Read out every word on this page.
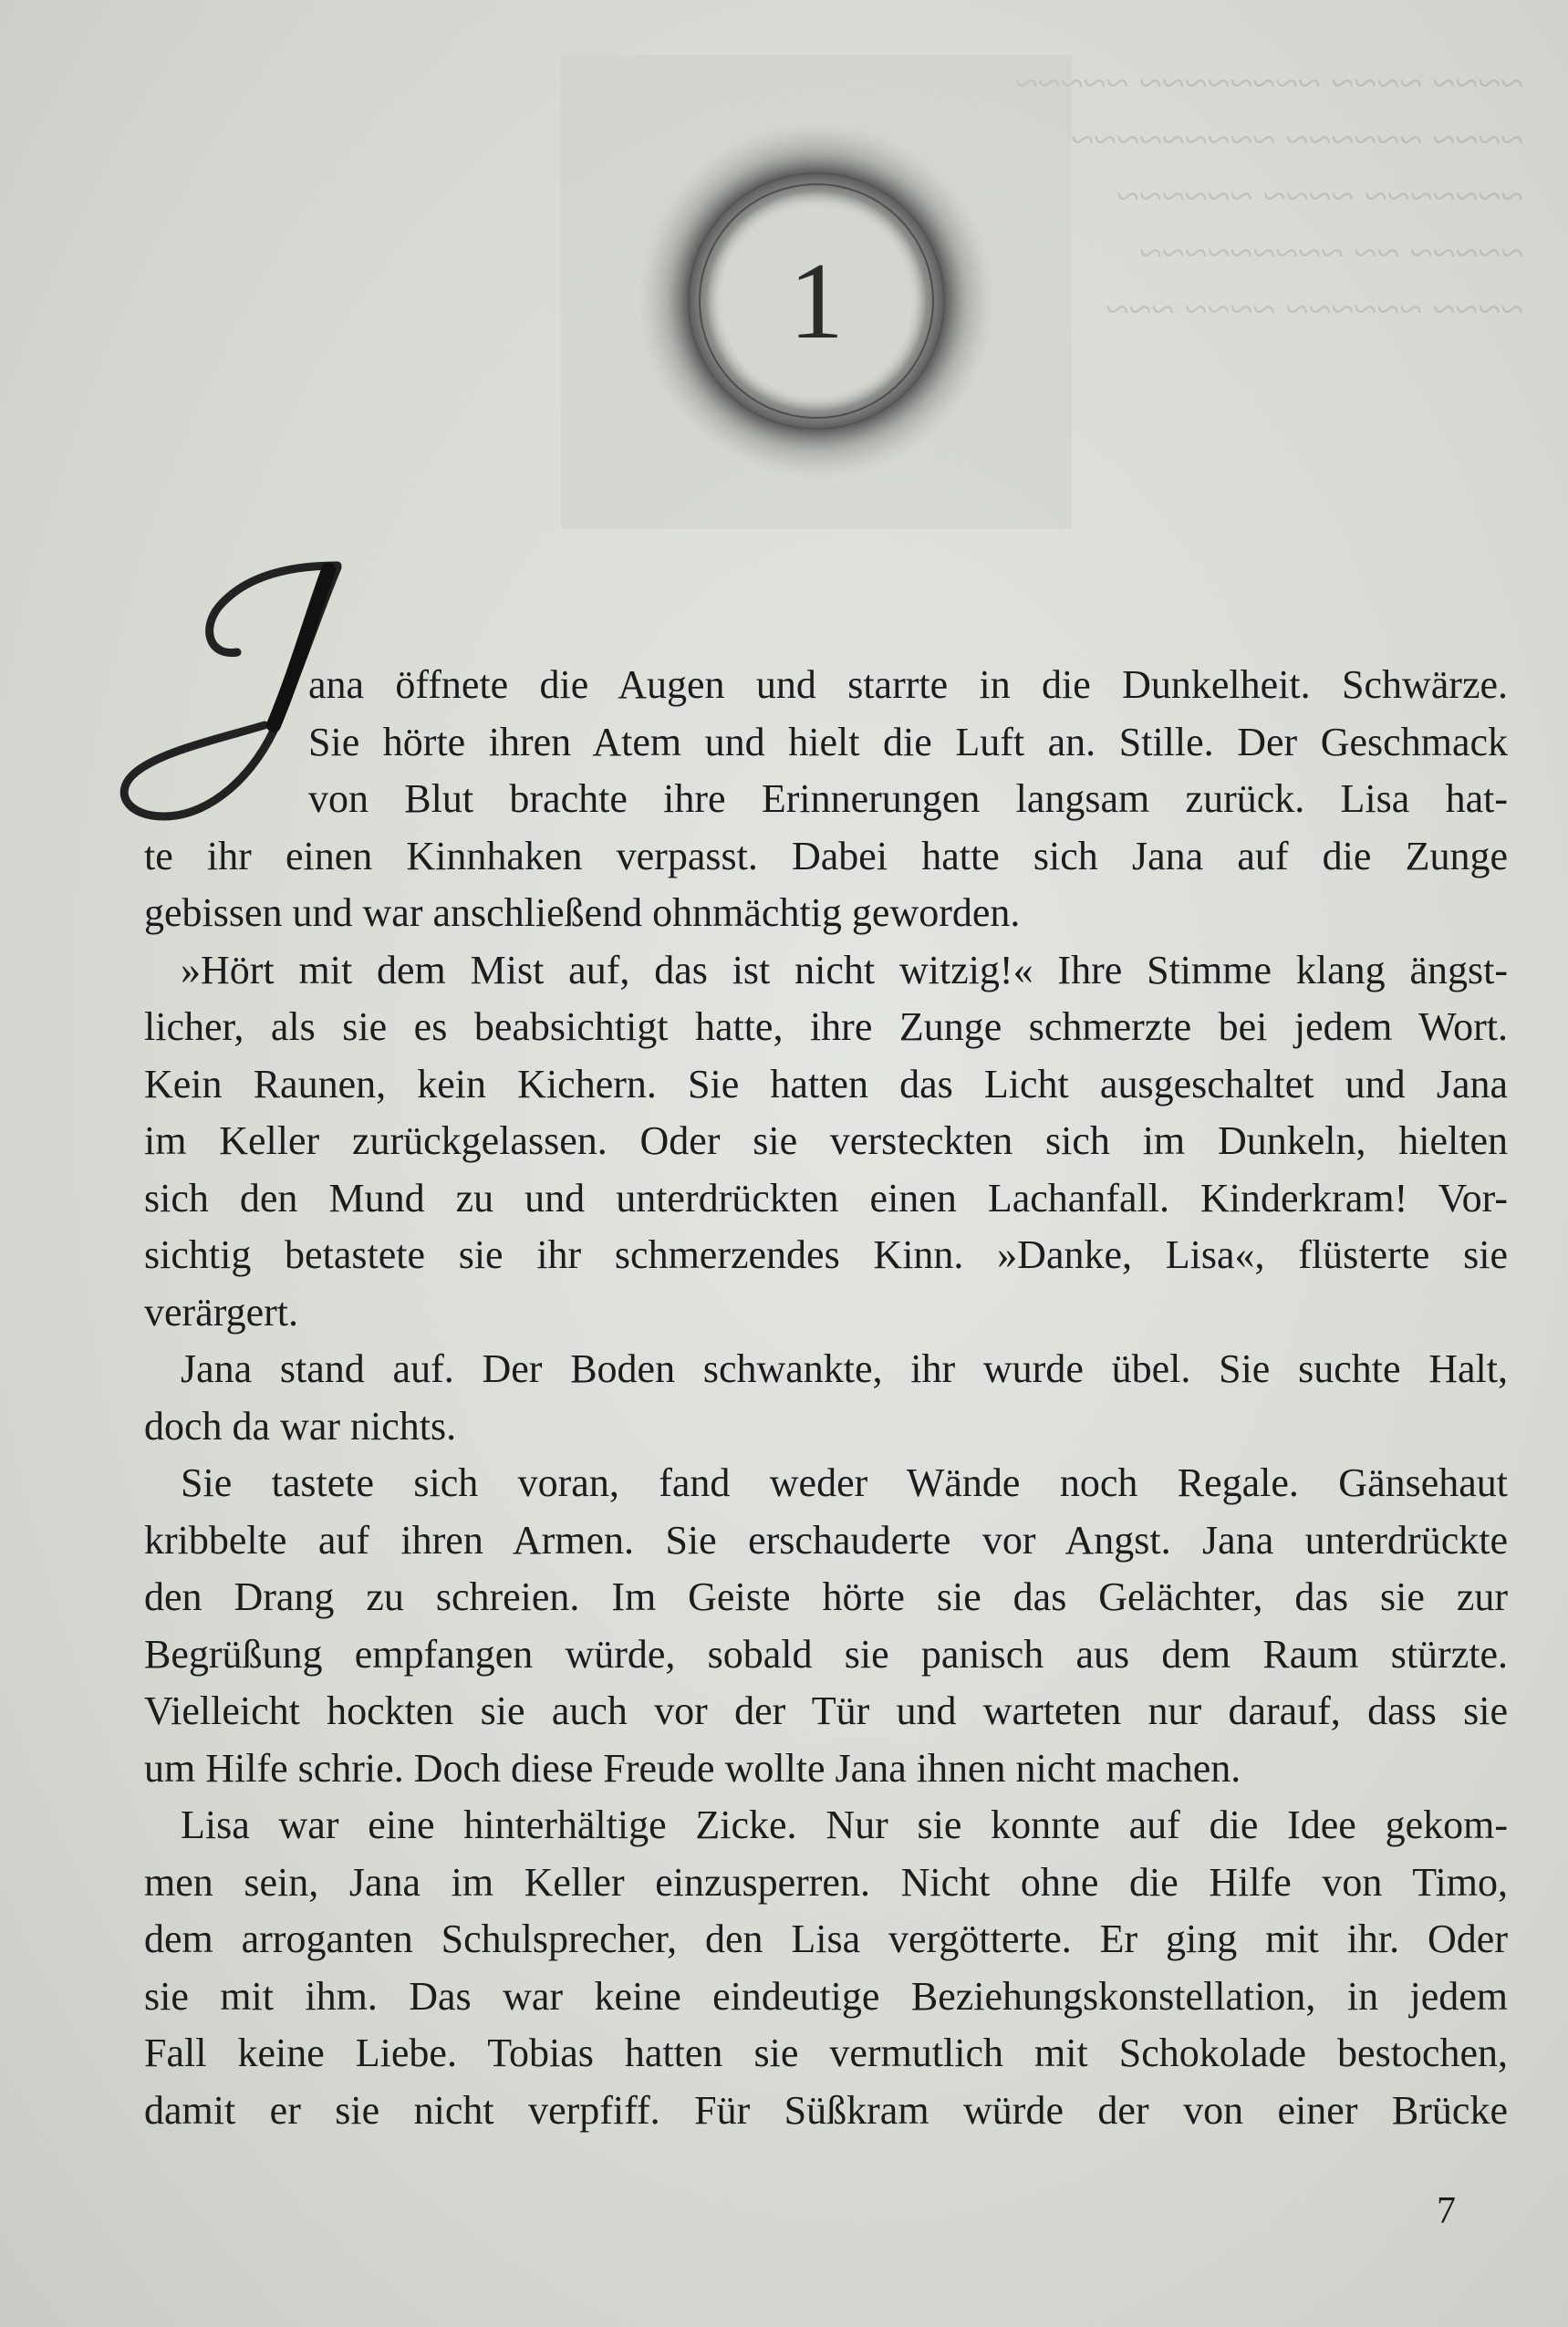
~~~~ ~~~~ ~~~~~~~~ ~~~~~
~~~~ ~~~~~~ ~~~~~~~~~
~~~~~~~ ~~~~ ~~~~~~
~~~~~ ~~ ~~~~~~~~~
~~~~ ~~~~~~ ~~~~ ~~~
1

ana öffnete die Augen und starrte in die Dunkelheit. Schwärze.
Sie hörte ihren Atem und hielt die Luft an. Stille. Der Geschmack
von Blut brachte ihre Erinnerungen langsam zurück. Lisa hat-
te ihr einen Kinnhaken verpasst. Dabei hatte sich Jana auf die Zunge
gebissen und war anschließend ohnmächtig geworden.

»Hört mit dem Mist auf, das ist nicht witzig!« Ihre Stimme klang ängst-
licher, als sie es beabsichtigt hatte, ihre Zunge schmerzte bei jedem Wort.
Kein Raunen, kein Kichern. Sie hatten das Licht ausgeschaltet und Jana
im Keller zurückgelassen. Oder sie versteckten sich im Dunkeln, hielten
sich den Mund zu und unterdrückten einen Lachanfall. Kinderkram! Vor-
sichtig betastete sie ihr schmerzendes Kinn. »Danke, Lisa«, flüsterte sie
verärgert.

Jana stand auf. Der Boden schwankte, ihr wurde übel. Sie suchte Halt,
doch da war nichts.

Sie tastete sich voran, fand weder Wände noch Regale. Gänsehaut
kribbelte auf ihren Armen. Sie erschauderte vor Angst. Jana unterdrückte
den Drang zu schreien. Im Geiste hörte sie das Gelächter, das sie zur
Begrüßung empfangen würde, sobald sie panisch aus dem Raum stürzte.
Vielleicht hockten sie auch vor der Tür und warteten nur darauf, dass sie
um Hilfe schrie. Doch diese Freude wollte Jana ihnen nicht machen.

Lisa war eine hinterhältige Zicke. Nur sie konnte auf die Idee gekom-
men sein, Jana im Keller einzusperren. Nicht ohne die Hilfe von Timo,
dem arroganten Schulsprecher, den Lisa vergötterte. Er ging mit ihr. Oder
sie mit ihm. Das war keine eindeutige Beziehungskonstellation, in jedem
Fall keine Liebe. Tobias hatten sie vermutlich mit Schokolade bestochen,
damit er sie nicht verpfiff. Für Süßkram würde der von einer Brücke

7
